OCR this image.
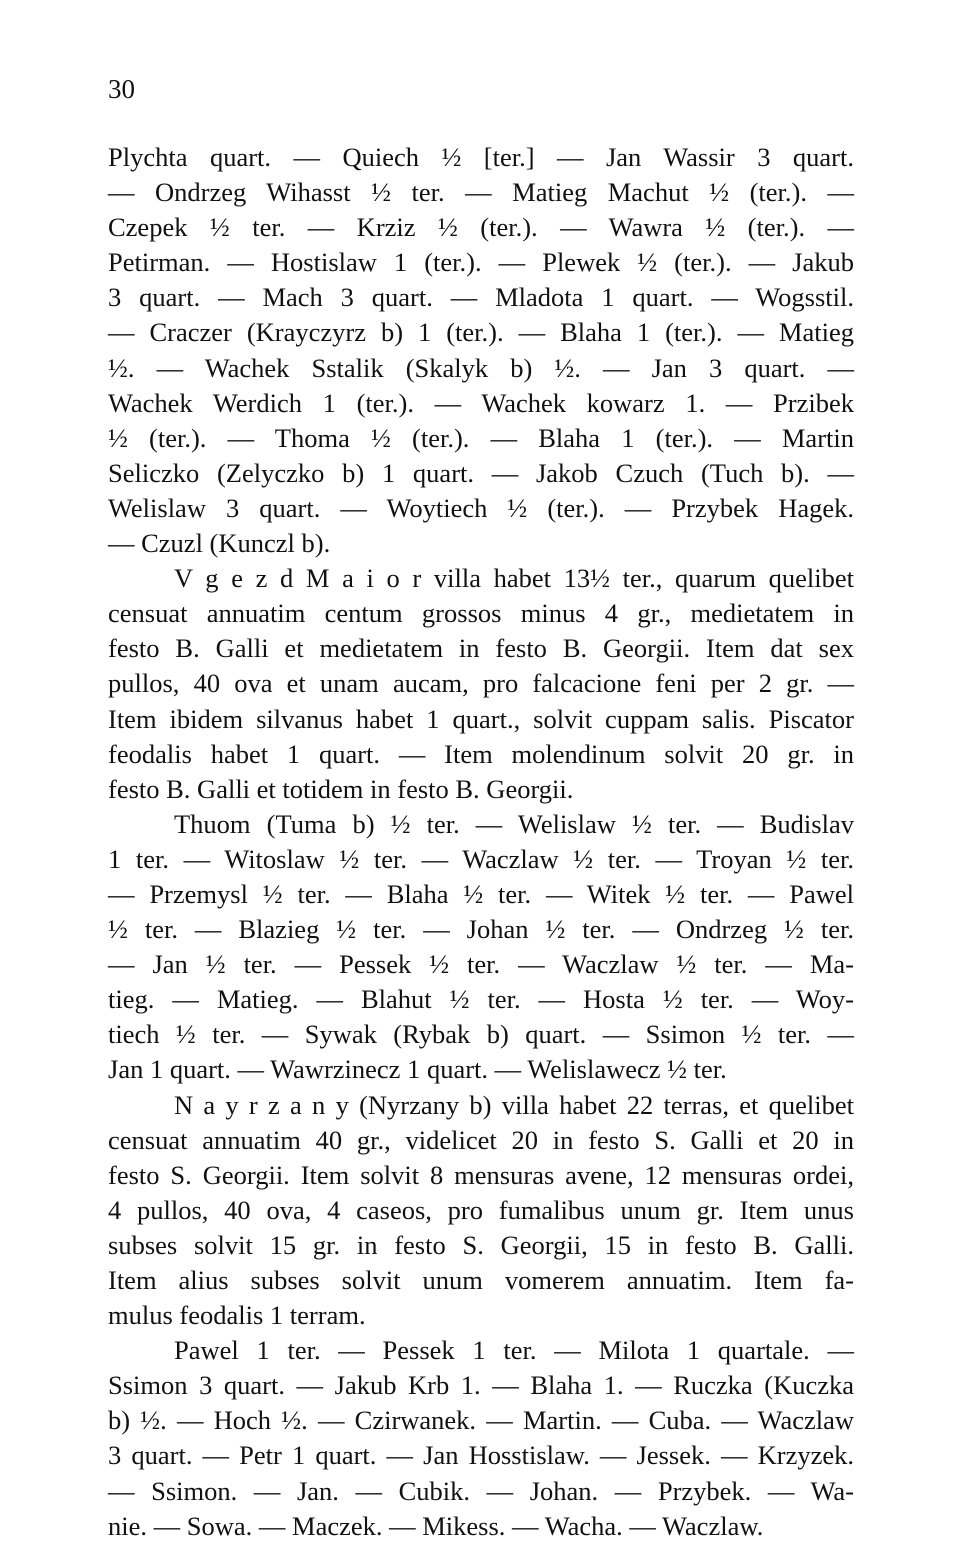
30
Plychta quart. — Quiech ½ [ter.] — Jan Wassir 3 quart.
— Ondrzeg Wihasst ½ ter. — Matieg Machut ½ (ter.). —
Czepek ½ ter. — Krziz ½ (ter.). — Wawra ½ (ter.). —
Petirman. — Hostislaw 1 (ter.). — Plewek ½ (ter.). — Jakub
3 quart. — Mach 3 quart. — Mladota 1 quart. — Wogsstil.
— Craczer (Krayczyrz b) 1 (ter.). — Blaha 1 (ter.). — Matieg
½. — Wachek Sstalik (Skalyk b) ½. — Jan 3 quart. —
Wachek Werdich 1 (ter.). — Wachek kowarz 1. — Przibek
½ (ter.). — Thoma ½ (ter.). — Blaha 1 (ter.). — Martin
Seliczko (Zelyczko b) 1 quart. — Jakob Czuch (Tuch b). —
Welislaw 3 quart. — Woytiech ½ (ter.). — Przybek Hagek.
— Czuzl (Kunczl b).
V g e z d M a i o r villa habet 13½ ter., quarum quelibet
censuat annuatim centum grossos minus 4 gr., medietatem in
festo B. Galli et medietatem in festo B. Georgii. Item dat sex
pullos, 40 ova et unam aucam, pro falcacione feni per 2 gr. —
Item ibidem silvanus habet 1 quart., solvit cuppam salis. Piscator
feodalis habet 1 quart. — Item molendinum solvit 20 gr. in
festo B. Galli et totidem in festo B. Georgii.
Thuom (Tuma b) ½ ter. — Welislaw ½ ter. — Budislav
1 ter. — Witoslaw ½ ter. — Waczlaw ½ ter. — Troyan ½ ter.
— Przemysl ½ ter. — Blaha ½ ter. — Witek ½ ter. — Pawel
½ ter. — Blazieg ½ ter. — Johan ½ ter. — Ondrzeg ½ ter.
— Jan ½ ter. — Pessek ½ ter. — Waczlaw ½ ter. — Ma-
tieg. — Matieg. — Blahut ½ ter. — Hosta ½ ter. — Woy-
tiech ½ ter. — Sywak (Rybak b) quart. — Ssimon ½ ter. —
Jan 1 quart. — Wawrzinecz 1 quart. — Welislawecz ½ ter.
N a y r z a n y (Nyrzany b) villa habet 22 terras, et quelibet
censuat annuatim 40 gr., videlicet 20 in festo S. Galli et 20 in
festo S. Georgii. Item solvit 8 mensuras avene, 12 mensuras ordei,
4 pullos, 40 ova, 4 caseos, pro fumalibus unum gr. Item unus
subses solvit 15 gr. in festo S. Georgii, 15 in festo B. Galli.
Item alius subses solvit unum vomerem annuatim. Item fa-
mulus feodalis 1 terram.
Pawel 1 ter. — Pessek 1 ter. — Milota 1 quartale. —
Ssimon 3 quart. — Jakub Krb 1. — Blaha 1. — Ruczka (Kuczka
b) ½. — Hoch ½. — Czirwanek. — Martin. — Cuba. — Waczlaw
3 quart. — Petr 1 quart. — Jan Hosstislaw. — Jessek. — Krzyzek.
— Ssimon. — Jan. — Cubik. — Johan. — Przybek. — Wa-
nie. — Sowa. — Maczek. — Mikess. — Wacha. — Waczlaw.
